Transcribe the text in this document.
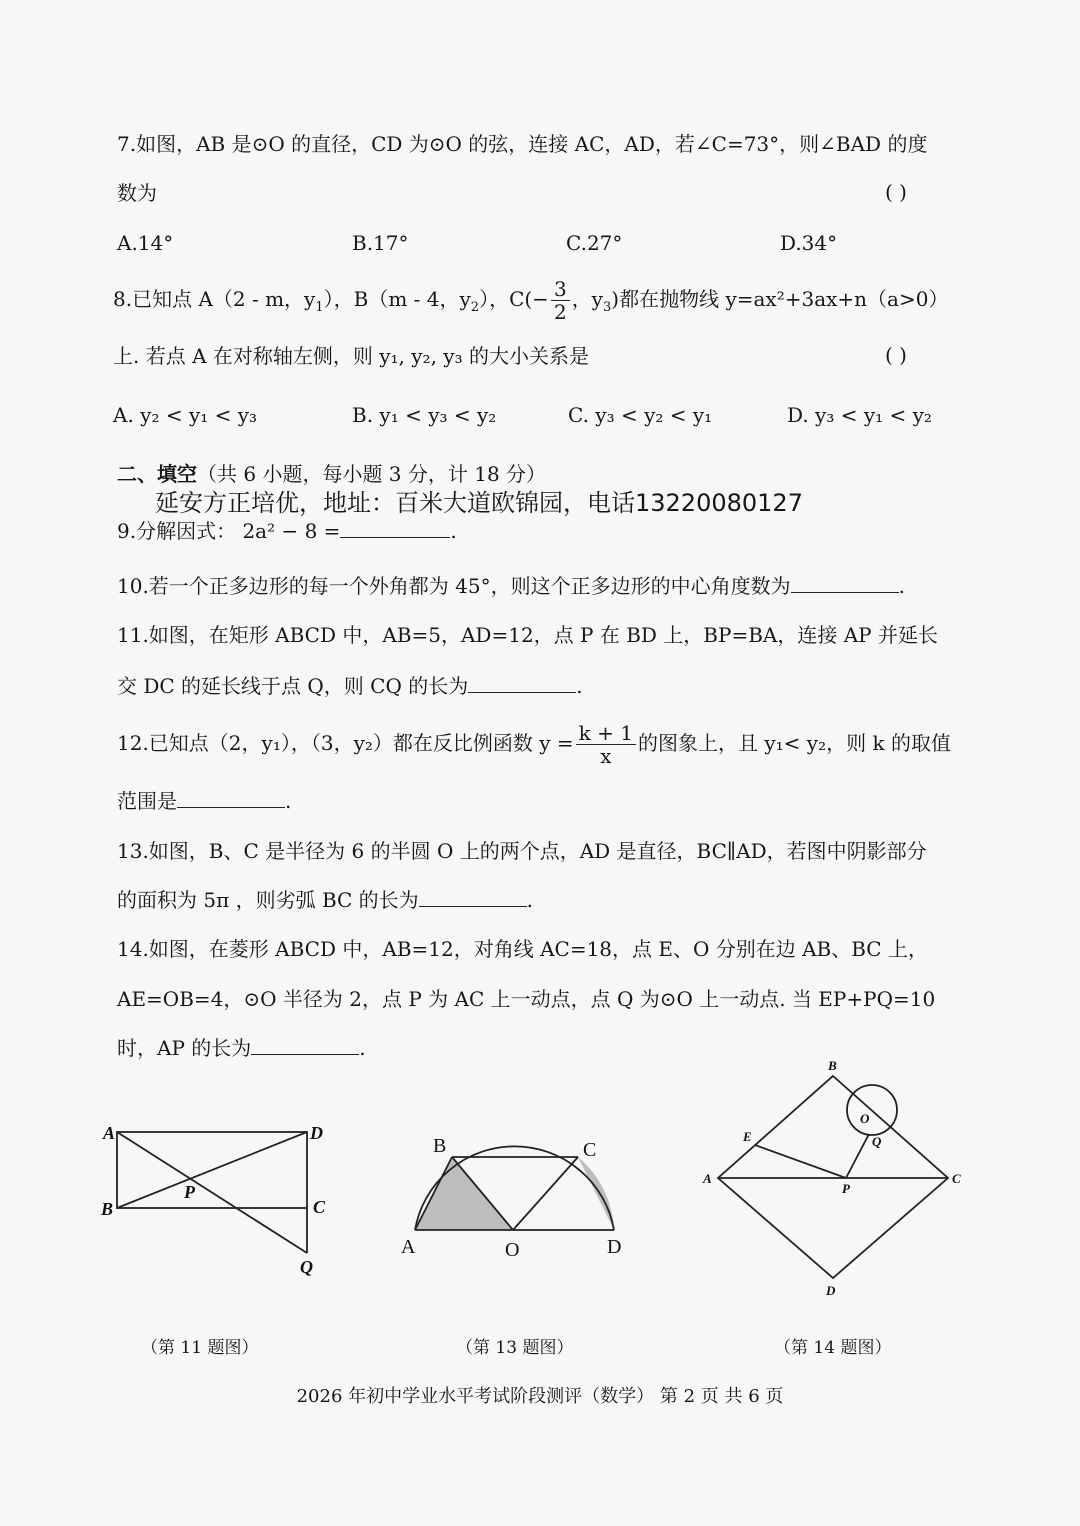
7.如图，AB 是⊙O 的直径，CD 为⊙O 的弦，连接 AC，AD，若∠C=73°，则∠BAD 的度
数为	( )
A.14°	B.17°	C.27°	D.34°
8.已知点 A（2 - m，$y_1$），B（m - 4，$y_2$），$C(- \frac{3}{2}$ ，$y_3$)都在抛物线 y=ax²+3ax+n（a>0）
上. 若点 A 在对称轴左侧，则 y₁, y₂, y₃ 的大小关系是	( )
A. y₂ < y₁ < y₃	B. y₁ < y₃ < y₂	C. y₃ < y₂ < y₁	D. y₃ < y₁ < y₂
二、填空（共 6 小题，每小题 3 分，计 18 分）
延安方正培优，地址：百米大道欧锦园，电话13220080127
9.分解因式： 2a² − 8 =	.
10.若一个正多边形的每一个外角都为 45°，则这个正多边形的中心角度数为	.
11.如图，在矩形 ABCD 中，AB=5，AD=12，点 P 在 BD 上，BP=BA，连接 AP 并延长
交 DC 的延长线于点 Q，则 CQ 的长为	.
12.已知点（2，y₁），（3，y₂）都在反比例函数 $y = \frac{k + 1}{x}$ 的图象上，且 y₁< y₂，则 k 的取值
范围是	.
13.如图，B、C 是半径为 6 的半圆 O 上的两个点，AD 是直径，BC∥AD，若图中阴影部分
的面积为 5π ，则劣弧 BC 的长为	.
14.如图，在菱形 ABCD 中，AB=12，对角线 AC=18，点 E、O 分别在边 AB、BC 上，
AE=OB=4，⊙O 半径为 2，点 P 为 AC 上一动点，点 Q 为⊙O 上一动点. 当 EP+PQ=10
时，AP 的长为	.
A	D
B	C
P
Q
B	C
A	O	D
B
O
E	Q
A
P
C
D
（第 11 题图）	（第 13 题图）	（第 14 题图）
2026 年初中学业水平考试阶段测评（数学） 第 2 页 共 6 页
